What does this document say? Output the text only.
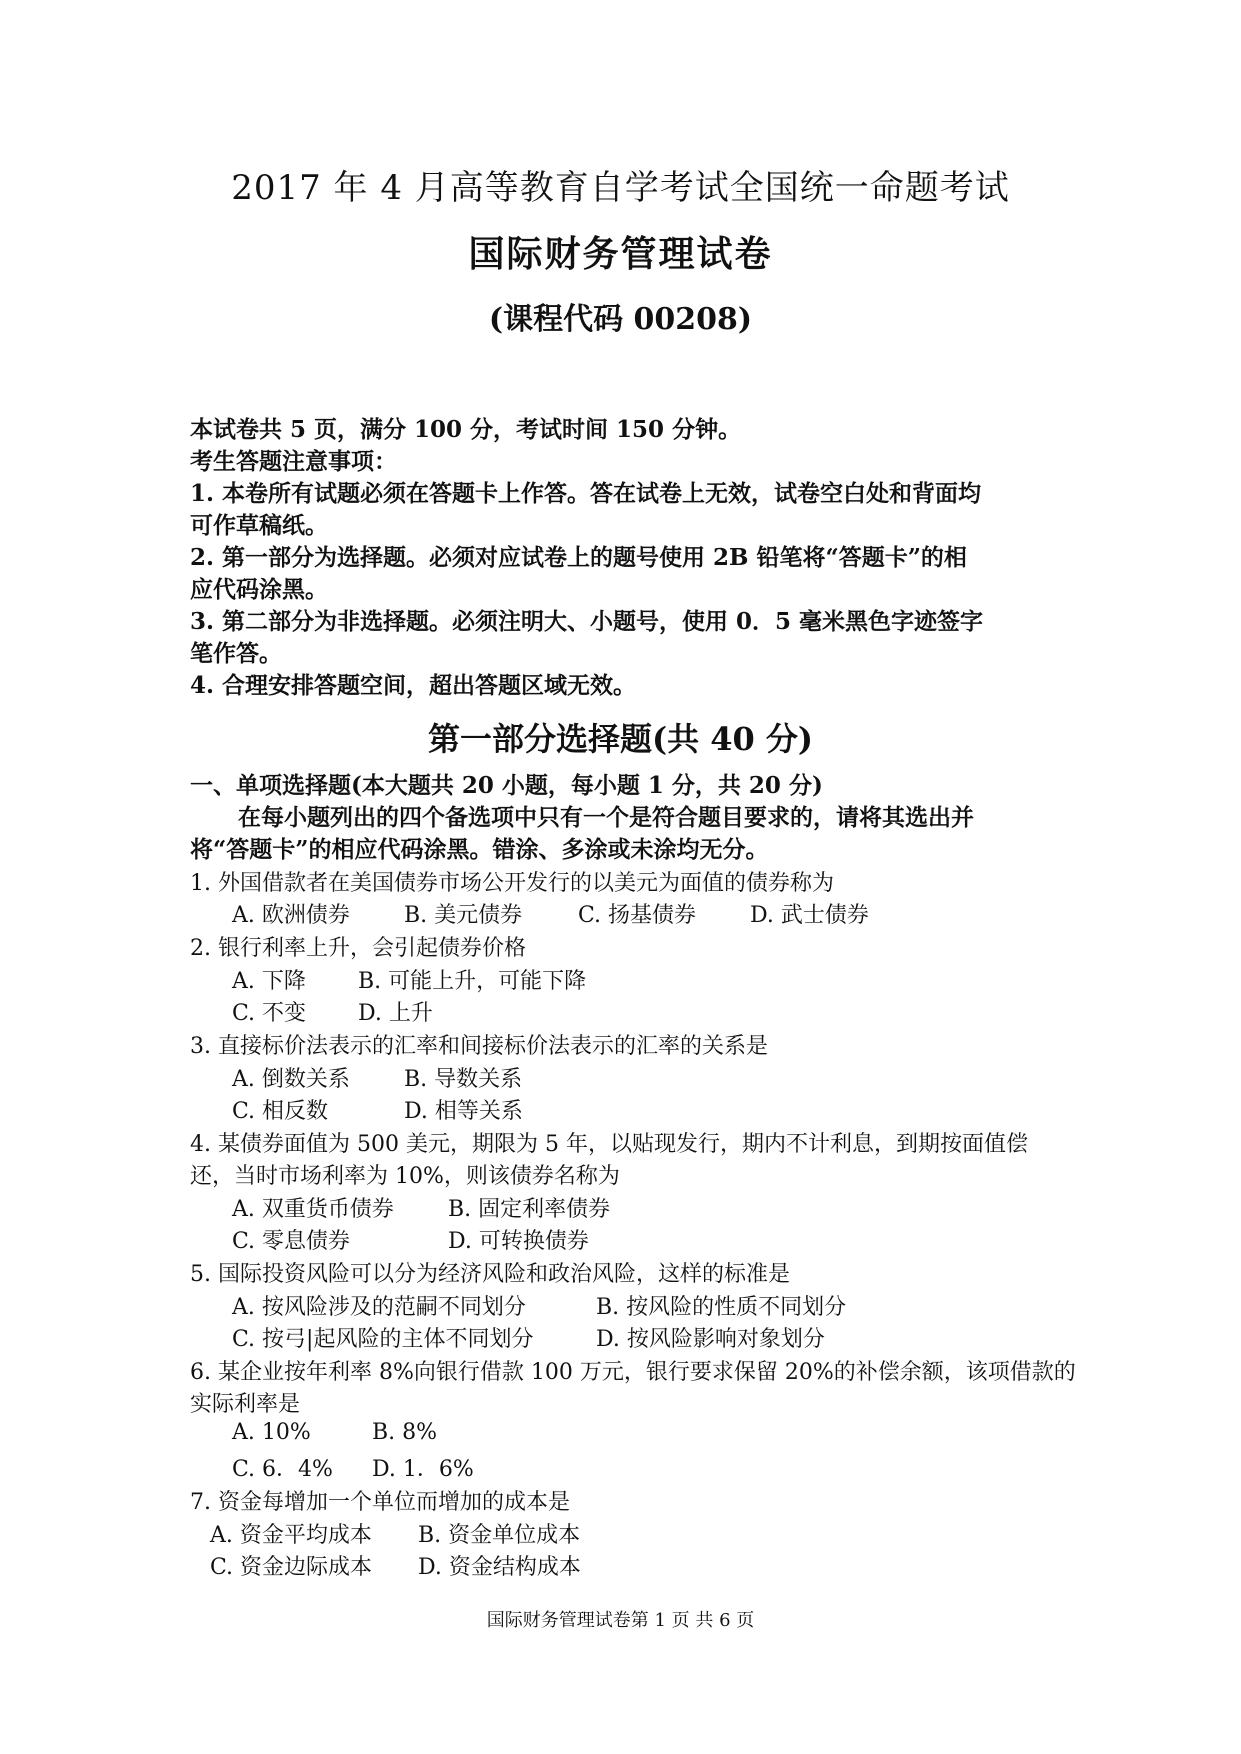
2017 年 4 月高等教育自学考试全国统一命题考试
国际财务管理试卷
(课程代码 00208)
本试卷共 5 页，满分 100 分，考试时间 150 分钟。
考生答题注意事项：
1. 本卷所有试题必须在答题卡上作答。答在试卷上无效，试卷空白处和背面均
可作草稿纸。
2. 第一部分为选择题。必须对应试卷上的题号使用 2B 铅笔将“答题卡”的相
应代码涂黑。
3. 第二部分为非选择题。必须注明大、小题号，使用 0．5 毫米黑色字迹签字
笔作答。
4. 合理安排答题空间，超出答题区域无效。
第一部分选择题(共 40 分)
一、单项选择题(本大题共 20 小题，每小题 1 分，共 20 分)
在每小题列出的四个备选项中只有一个是符合题目要求的，请将其选出并
将“答题卡”的相应代码涂黑。错涂、多涂或未涂均无分。
1. 外国借款者在美国债券市场公开发行的以美元为面值的债券称为
A. 欧洲债券 B. 美元债券	C. 扬基债券 D. 武士债券
2. 银行利率上升，会引起债券价格
A. 下降 B. 可能上升，可能下降
C. 不变 D. 上升
3. 直接标价法表示的汇率和间接标价法表示的汇率的关系是
A. 倒数关系 B. 导数关系
C. 相反数	D. 相等关系
4. 某债券面值为 500 美元，期限为 5 年，以贴现发行，期内不计利息，到期按面值偿
还，当时市场利率为 10%，则该债券名称为
A. 双重货币债券 B. 固定利率债券
C. 零息债券	D. 可转换债券
5. 国际投资风险可以分为经济风险和政治风险，这样的标准是
A. 按风险涉及的范嗣不同划分	B. 按风险的性质不同划分
C. 按弓|起风险的主体不同划分	D. 按风险影响对象划分
6. 某企业按年利率 8%向银行借款 100 万元，银行要求保留 20%的补偿余额，该项借款的
实际利率是
A. 10%	B. 8%
C. 6．4% D. 1．6%
7. 资金每增加一个单位而增加的成本是
A. 资金平均成本 B. 资金单位成本
C. 资金边际成本 D. 资金结构成本
国际财务管理试卷第 1 页 共 6 页
